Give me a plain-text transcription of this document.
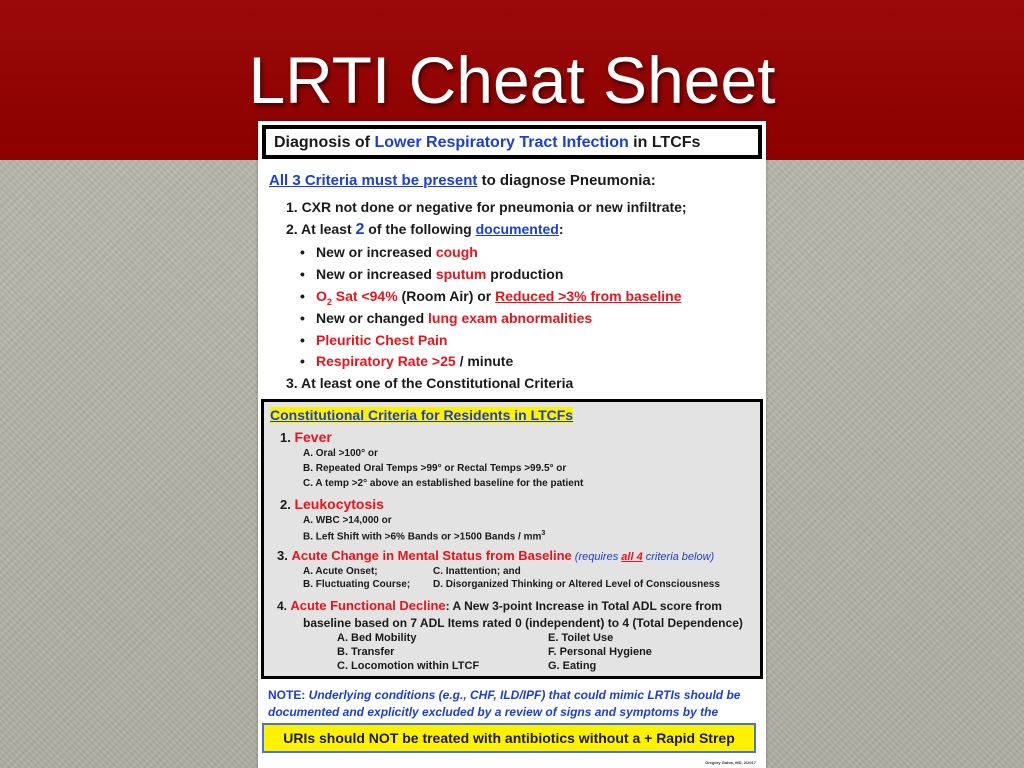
LRTI Cheat Sheet
Diagnosis of Lower Respiratory Tract Infection in LTCFs
All 3 Criteria must be present to diagnose Pneumonia:
1. CXR not done or negative for pneumonia or new infiltrate;
2. At least 2 of the following documented:
• New or increased cough
• New or increased sputum production
• $O_2$ Sat <94% (Room Air) or Reduced >3% from baseline
• New or changed lung exam abnormalities
• Pleuritic Chest Pain
• Respiratory Rate >25 / minute
3. At least one of the Constitutional Criteria
Constitutional Criteria for Residents in LTCFs
1. Fever
A. Oral >100° or
B. Repeated Oral Temps >99° or Rectal Temps >99.5° or
C. A temp >2° above an established baseline for the patient
2. Leukocytosis
A. WBC >14,000 or
B. Left Shift with >6% Bands or >1500 Bands / $mm^3$
3. Acute Change in Mental Status from Baseline (requires all 4 criteria below)
A. Acute Onset;	C. Inattention; and
B. Fluctuating Course; D. Disorganized Thinking or Altered Level of Consciousness
4. Acute Functional Decline: A New 3-point Increase in Total ADL score from
baseline based on 7 ADL Items rated 0 (independent) to 4 (Total Dependence)
A. Bed Mobility	E. Toilet Use
B. Transfer	F. Personal Hygiene
C. Locomotion within LTCF	G. Eating
NOTE: Underlying conditions (e.g., CHF, ILD/IPF) that could mimic LRTIs should be documented and explicitly excluded by a review of signs and symptoms by the
URIs should NOT be treated with antibiotics without a + Rapid Strep
Gregory Gahm, MD, 2/2017
